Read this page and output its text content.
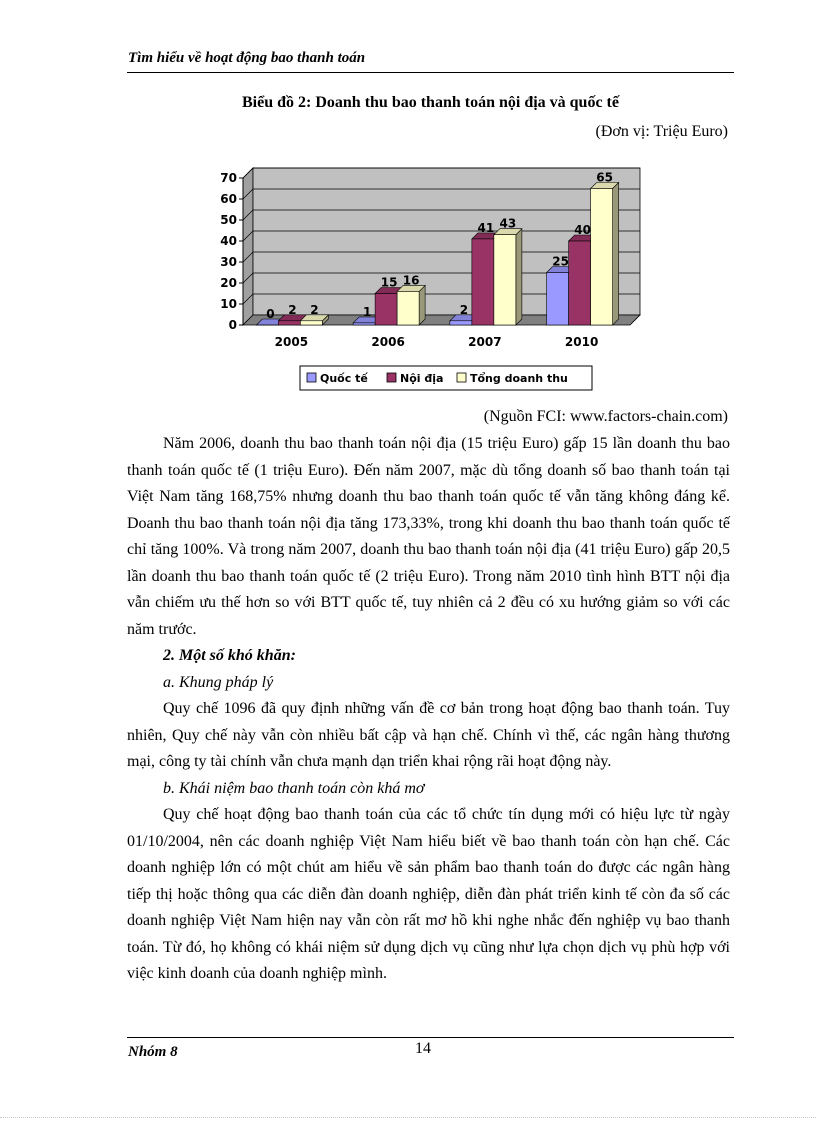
Tìm hiểu về hoạt động bao thanh toán
Biểu đồ 2: Doanh thu bao thanh toán nội địa và quốc tế
(Đơn vị: Triệu Euro)
0
10
20
30
40
50
60
70
0 2 2
2005
1
15 16
2006
2
41 43
2007
25
40
65
2010
Quốc tế	Nội địa Tổng doanh thu
(Nguồn FCI: www.factors-chain.com)

Năm 2006, doanh thu bao thanh toán nội địa (15 triệu Euro) gấp 15 lần doanh thu bao thanh toán quốc tế (1 triệu Euro). Đến năm 2007, mặc dù tổng doanh số bao thanh toán tại Việt Nam tăng 168,75% nhưng doanh thu bao thanh toán quốc tế vẫn tăng không đáng kể. Doanh thu bao thanh toán nội địa tăng 173,33%, trong khi doanh thu bao thanh toán quốc tế chỉ tăng 100%. Và trong năm 2007, doanh thu bao thanh toán nội địa (41 triệu Euro) gấp 20,5 lần doanh thu bao thanh toán quốc tế (2 triệu Euro). Trong năm 2010 tình hình BTT nội địa vẫn chiếm ưu thế hơn so với BTT quốc tế, tuy nhiên cả 2 đều có xu hướng giảm so với các năm trước.

2. Một số khó khăn:

a. Khung pháp lý

Quy chế 1096 đã quy định những vấn đề cơ bản trong hoạt động bao thanh toán. Tuy nhiên, Quy chế này vẫn còn nhiều bất cập và hạn chế. Chính vì thế, các ngân hàng thương mại, công ty tài chính vẫn chưa mạnh dạn triển khai rộng rãi hoạt động này.

b. Khái niệm bao thanh toán còn khá mơ

Quy chế hoạt động bao thanh toán của các tổ chức tín dụng mới có hiệu lực từ ngày 01/10/2004, nên các doanh nghiệp Việt Nam hiểu biết về bao thanh toán còn hạn chế. Các doanh nghiệp lớn có một chút am hiểu về sản phẩm bao thanh toán do được các ngân hàng tiếp thị hoặc thông qua các diễn đàn doanh nghiệp, diễn đàn phát triển kinh tế còn đa số các doanh nghiệp Việt Nam hiện nay vẫn còn rất mơ hồ khi nghe nhắc đến nghiệp vụ bao thanh toán. Từ đó, họ không có khái niệm sử dụng dịch vụ cũng như lựa chọn dịch vụ phù hợp với việc kinh doanh của doanh nghiệp mình.

Nhóm 8	14
